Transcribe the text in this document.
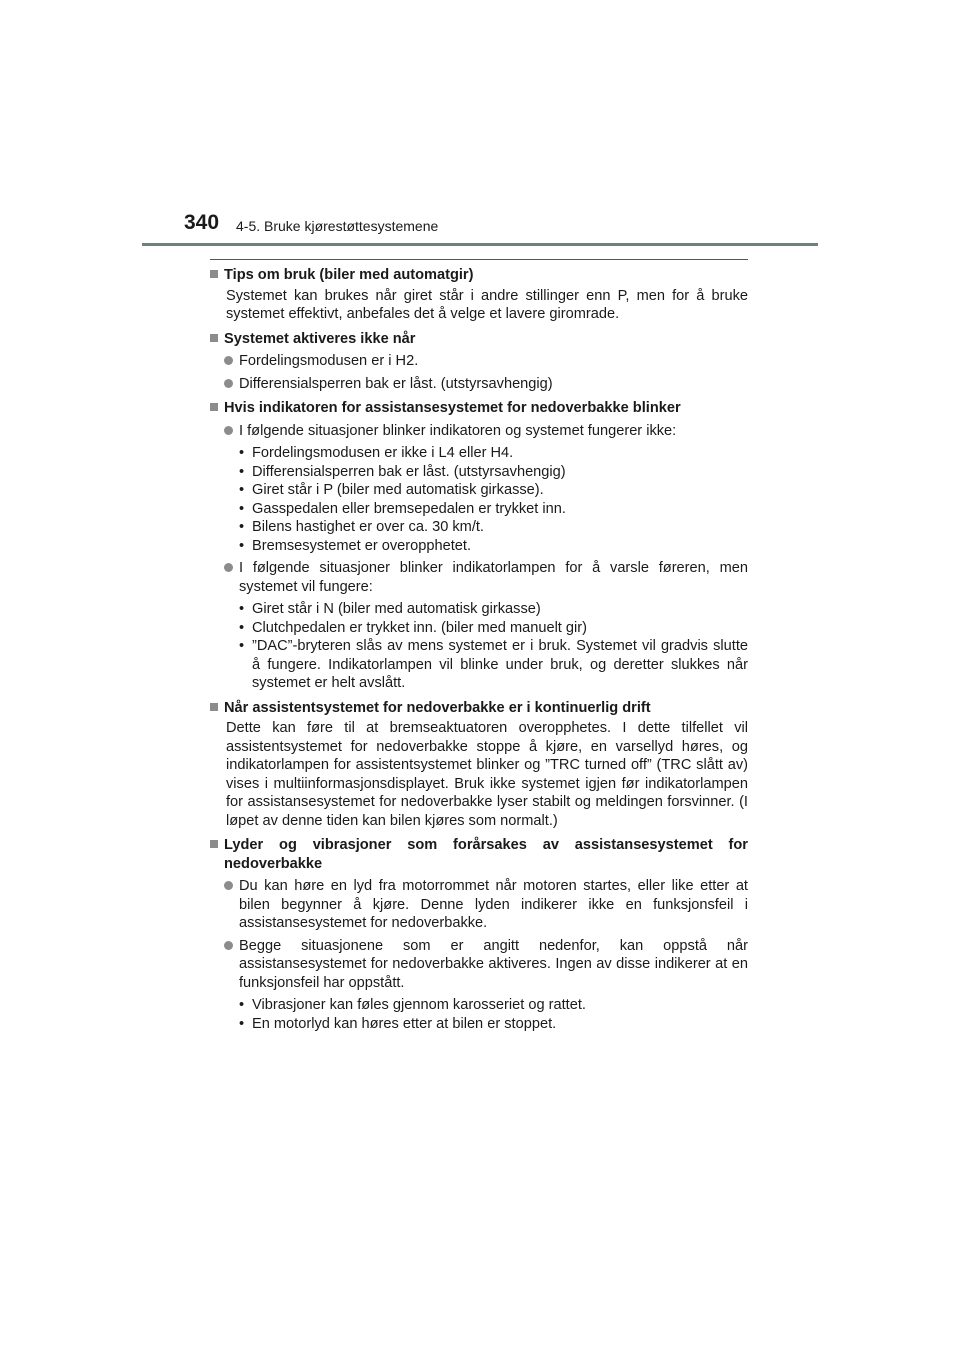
340 4-5. Bruke kjørestøttesystemene
Tips om bruk (biler med automatgir)
Systemet kan brukes når giret står i andre stillinger enn P, men for å bruke systemet effektivt, anbefales det å velge et lavere giromrade.
Systemet aktiveres ikke når
Fordelingsmodusen er i H2.
Differensialsperren bak er låst. (utstyrsavhengig)
Hvis indikatoren for assistansesystemet for nedoverbakke blinker
I følgende situasjoner blinker indikatoren og systemet fungerer ikke:
• Fordelingsmodusen er ikke i L4 eller H4.
• Differensialsperren bak er låst. (utstyrsavhengig)
• Giret står i P (biler med automatisk girkasse).
• Gasspedalen eller bremsepedalen er trykket inn.
• Bilens hastighet er over ca. 30 km/t.
• Bremsesystemet er overopphetet.
I følgende situasjoner blinker indikatorlampen for å varsle føreren, men systemet vil fungere:
• Giret står i N (biler med automatisk girkasse)
• Clutchpedalen er trykket inn. (biler med manuelt gir)
• ”DAC”-bryteren slås av mens systemet er i bruk. Systemet vil gradvis slutte å fungere. Indikatorlampen vil blinke under bruk, og deretter slukkes når systemet er helt avslått.
Når assistentsystemet for nedoverbakke er i kontinuerlig drift
Dette kan føre til at bremseaktuatoren overopphetes. I dette tilfellet vil assistentsystemet for nedoverbakke stoppe å kjøre, en varsellyd høres, og indikatorlampen for assistentsystemet blinker og ”TRC turned off” (TRC slått av) vises i multiinformasjonsdisplayet. Bruk ikke systemet igjen før indikatorlampen for assistansesystemet for nedoverbakke lyser stabilt og meldingen forsvinner. (I løpet av denne tiden kan bilen kjøres som normalt.)
Lyder og vibrasjoner som forårsakes av assistansesystemet for nedoverbakke
Du kan høre en lyd fra motorrommet når motoren startes, eller like etter at bilen begynner å kjøre. Denne lyden indikerer ikke en funksjonsfeil i assistansesystemet for nedoverbakke.
Begge situasjonene som er angitt nedenfor, kan oppstå når assistansesystemet for nedoverbakke aktiveres. Ingen av disse indikerer at en funksjonsfeil har oppstått.
• Vibrasjoner kan føles gjennom karosseriet og rattet.
• En motorlyd kan høres etter at bilen er stoppet.
